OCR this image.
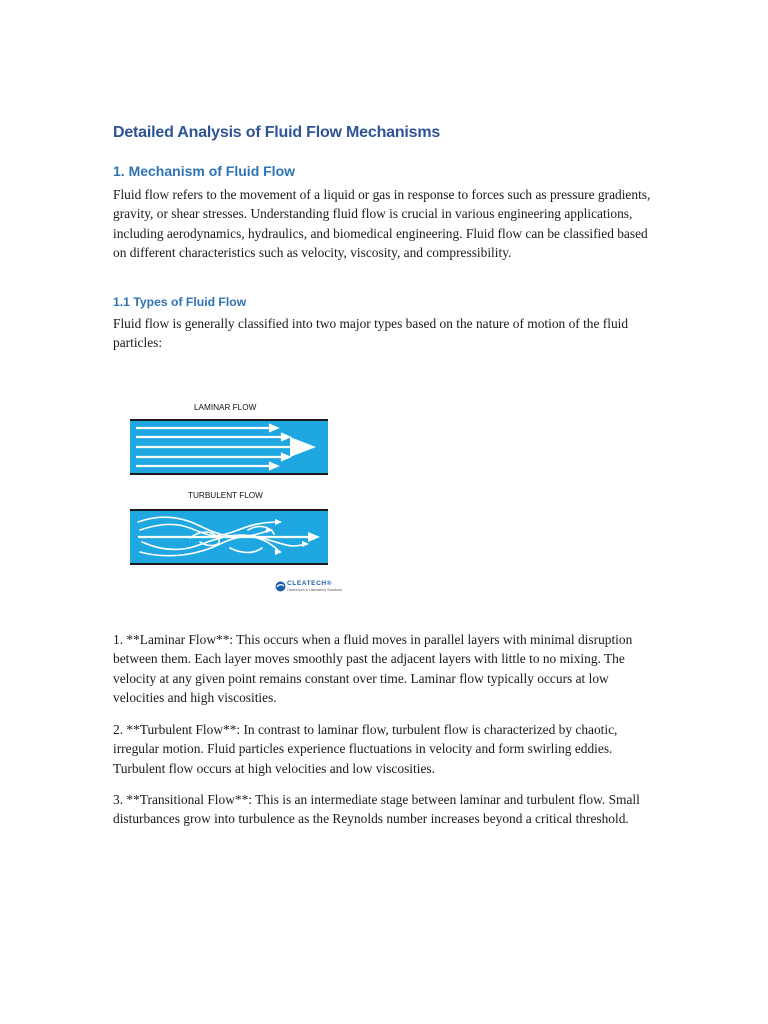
Detailed Analysis of Fluid Flow Mechanisms
1. Mechanism of Fluid Flow

Fluid flow refers to the movement of a liquid or gas in response to forces such as pressure gradients, gravity, or shear stresses. Understanding fluid flow is crucial in various engineering applications, including aerodynamics, hydraulics, and biomedical engineering. Fluid flow can be classified based on different characteristics such as velocity, viscosity, and compressibility.

1.1 Types of Fluid Flow

Fluid flow is generally classified into two major types based on the nature of motion of the fluid particles:

1. **Laminar Flow**: This occurs when a fluid moves in parallel layers with minimal disruption between them. Each layer moves smoothly past the adjacent layers with little to no mixing. The velocity at any given point remains constant over time. Laminar flow typically occurs at low velocities and high viscosities.

2. **Turbulent Flow**: In contrast to laminar flow, turbulent flow is characterized by chaotic, irregular motion. Fluid particles experience fluctuations in velocity and form swirling eddies. Turbulent flow occurs at high velocities and low viscosities.

3. **Transitional Flow**: This is an intermediate stage between laminar and turbulent flow. Small disturbances grow into turbulence as the Reynolds number increases beyond a critical threshold.

LAMINAR FLOW
TURBULENT FLOW
CLEATECH®
Cleanroom & Laboratory Solutions
